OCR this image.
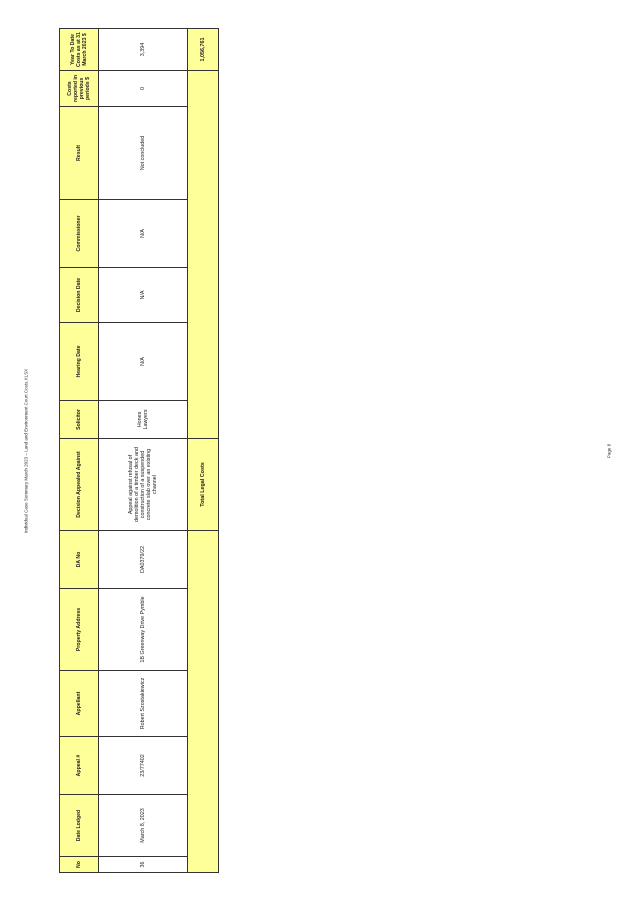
Individual Case Summary March 2023 – Land and Environment Court Costs.XLSX
No	Date Lodged	Appeal #	Appellant	Property Address	DA No	Decision Appealed Against	Solicitor	Hearing Date	Decision Date	Commissioner	Result	Costs reported in previous periods $	Year To Date Costs as at 31 March 2023 $
36	March 8, 2023	23/77402	Robert Szostakiewicz	1B Greenway Drive Pymble	DA0379/22	Appeal against refusal of demolition of a timber deck and construction of a suspended concrete slab over an existing channel	Hones Lawyers	N/A	N/A	N/A	Not concluded	0	3,394
						Total Legal Costs							1,056,761
Page 8
